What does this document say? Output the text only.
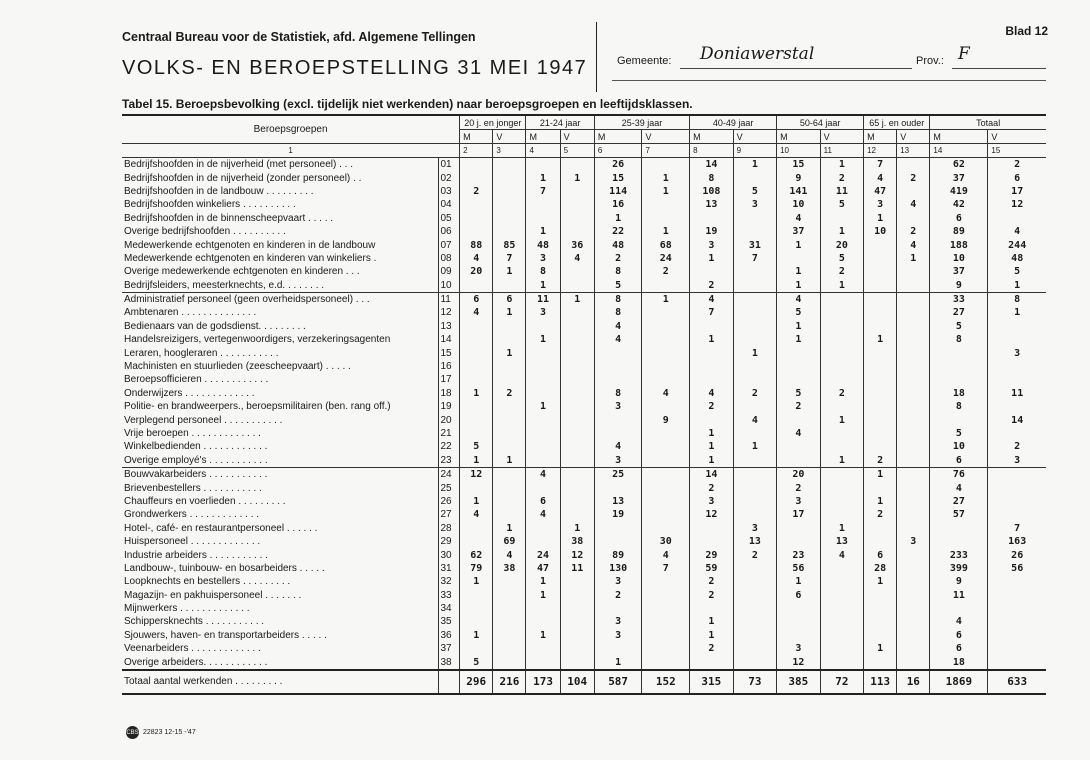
Blad 12
Centraal Bureau voor de Statistiek, afd. Algemene Tellingen
VOLKS- EN BEROEPSTELLING 31 MEI 1947	Gemeente: Doniawerstal	Prov.: F
Tabel 15. Beroepsbevolking (excl. tijdelijk niet werkenden) naar beroepsgroepen en leeftijdsklassen.
Beroepsgroepen		20 j. en jonger		21-24 jaar		25-39 jaar		40-49 jaar		50-64 jaar		65 j. en ouder		Totaal	
		M	V	M	V	M	V	M	V	M	V	M	V	M	V
1		2	3	4	5	6	7	8	9	10	11	12	13	14	15
Bedrijfshoofden in de nijverheid (met personeel) . . .	01					26		14	1	15	1	7		62	2
Bedrijfshoofden in de nijverheid (zonder personeel) . .	02			1	1	15	1	8		9	2	4	2	37	6
Bedrijfshoofden in de landbouw . . . . . . . . .	03	2		7		114	1	108	5	141	11	47		419	17
Bedrijfshoofden winkeliers . . . . . . . . . .	04					16		13	3	10	5	3	4	42	12
Bedrijfshoofden in de binnenscheepvaart . . . . .	05					1				4		1		6	
Overige bedrijfshoofden . . . . . . . . . .	06			1		22	1	19		37	1	10	2	89	4
Medewerkende echtgenoten en kinderen in de landbouw	07	88	85	48	36	48	68	3	31	1	20		4	188	244
Medewerkende echtgenoten en kinderen van winkeliers .	08	4	7	3	4	2	24	1	7		5		1	10	48
Overige medewerkende echtgenoten en kinderen . . .	09	20	1	8		8	2			1	2			37	5
Bedrijfsleiders, meesterknechts, e.d. . . . . . . .	10			1		5		2		1	1			9	1
Administratief personeel (geen overheidspersoneel) . . .	11	6	6	11	1	8	1	4		4				33	8
Ambtenaren . . . . . . . . . . . . . .	12	4	1	3		8		7		5				27	1
Bedienaars van de godsdienst. . . . . . . . .	13					4				1				5	
Handelsreizigers, vertegenwoordigers, verzekeringsagenten	14			1		4		1		1		1		8	
Leraren, hoogleraren . . . . . . . . . . .	15		1						1						3
Machinisten en stuurlieden (zeescheepvaart) . . . . .	16														
Beroepsofficieren . . . . . . . . . . . .	17														
Onderwijzers . . . . . . . . . . . . .	18	1	2			8	4	4	2	5	2			18	11
Politie- en brandweerpers., beroepsmilitairen (ben. rang off.)	19			1		3		2		2				8	
Verplegend personeel . . . . . . . . . . .	20						9		4		1				14
Vrije beroepen . . . . . . . . . . . . .	21							1		4				5	
Winkelbedienden . . . . . . . . . . . .	22	5				4		1	1					10	2
Overige employé's . . . . . . . . . . .	23	1	1			3		1			1	2		6	3
Bouwvakarbeiders . . . . . . . . . . .	24	12		4		25		14		20		1		76	
Brievenbestellers . . . . . . . . . . .	25							2		2				4	
Chauffeurs en voerlieden . . . . . . . . .	26	1		6		13		3		3		1		27	
Grondwerkers . . . . . . . . . . . . .	27	4		4		19		12		17		2		57	
Hotel-, café- en restaurantpersoneel . . . . . .	28		1		1				3		1				7
Huispersoneel . . . . . . . . . . . . .	29		69		38		30		13		13		3		163
Industrie arbeiders . . . . . . . . . . .	30	62	4	24	12	89	4	29	2	23	4	6		233	26
Landbouw-, tuinbouw- en bosarbeiders . . . . .	31	79	38	47	11	130	7	59		56		28		399	56
Loopknechts en bestellers . . . . . . . . .	32	1		1		3		2		1		1		9	
Magazijn- en pakhuispersoneel . . . . . . .	33			1		2		2		6				11	
Mijnwerkers . . . . . . . . . . . . .	34														
Schippersknechts . . . . . . . . . . .	35					3		1						4	
Sjouwers, haven- en transportarbeiders . . . . .	36	1		1		3		1						6	
Veenarbeiders . . . . . . . . . . . . .	37							2		3		1		6	
Overige arbeiders. . . . . . . . . . . .	38	5				1				12				18	
Totaal aantal werkenden . . . . . . . . .		296	216	173	104	587	152	315	73	385	72	113	16	1869	633
CBS 22823 12-15 -'47
